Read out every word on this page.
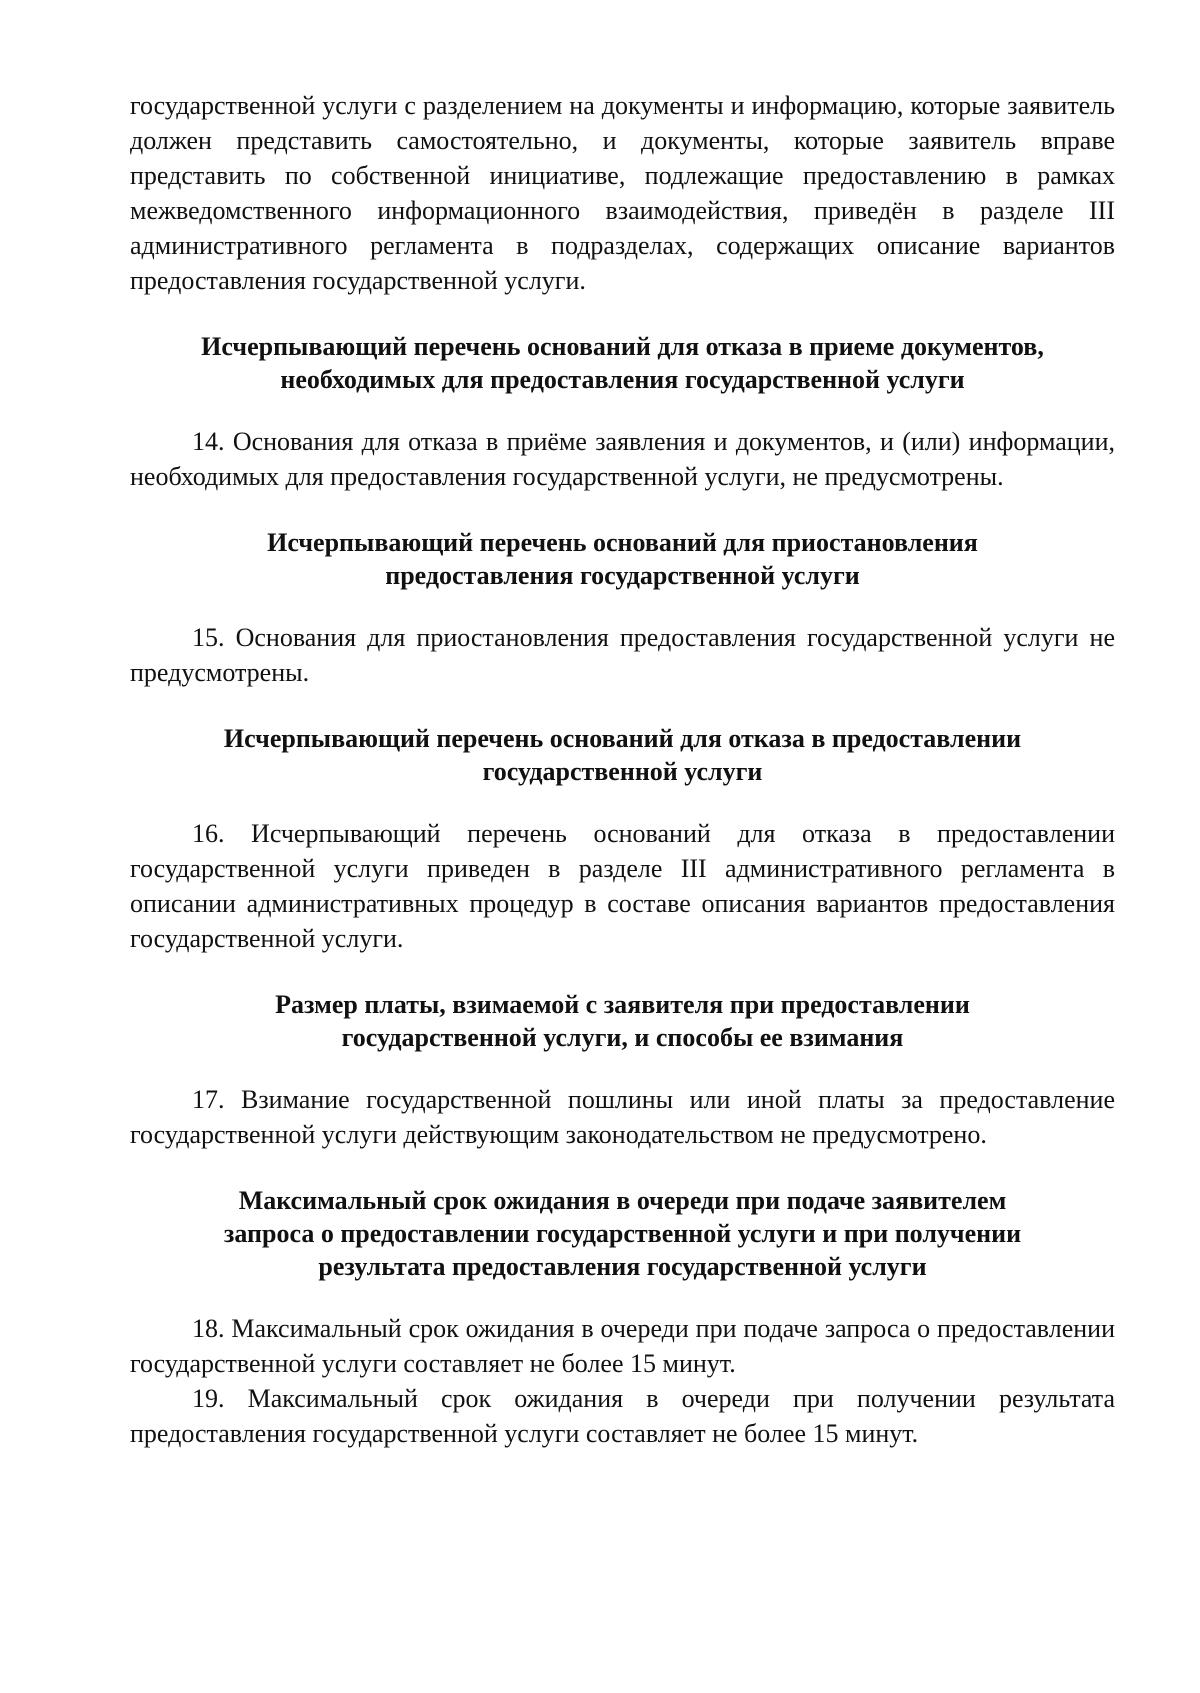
государственной услуги с разделением на документы и информацию, которые заявитель должен представить самостоятельно, и документы, которые заявитель вправе представить по собственной инициативе, подлежащие предоставлению в рамках межведомственного информационного взаимодействия, приведён в разделе III административного регламента в подразделах, содержащих описание вариантов предоставления государственной услуги.

Исчерпывающий перечень оснований для отказа в приеме документов,
необходимых для предоставления государственной услуги

14. Основания для отказа в приёме заявления и документов, и (или) информации, необходимых для предоставления государственной услуги, не предусмотрены.

Исчерпывающий перечень оснований для приостановления
предоставления государственной услуги

15. Основания для приостановления предоставления государственной услуги не предусмотрены.

Исчерпывающий перечень оснований для отказа в предоставлении
государственной услуги

16. Исчерпывающий перечень оснований для отказа в предоставлении государственной услуги приведен в разделе III административного регламента в описании административных процедур в составе описания вариантов предоставления государственной услуги.

Размер платы, взимаемой с заявителя при предоставлении
государственной услуги, и способы ее взимания

17. Взимание государственной пошлины или иной платы за предоставление государственной услуги действующим законодательством не предусмотрено.

Максимальный срок ожидания в очереди при подаче заявителем
запроса о предоставлении государственной услуги и при получении
результата предоставления государственной услуги

18. Максимальный срок ожидания в очереди при подаче запроса о предоставлении государственной услуги составляет не более 15 минут.

19. Максимальный срок ожидания в очереди при получении результата предоставления государственной услуги составляет не более 15 минут.
